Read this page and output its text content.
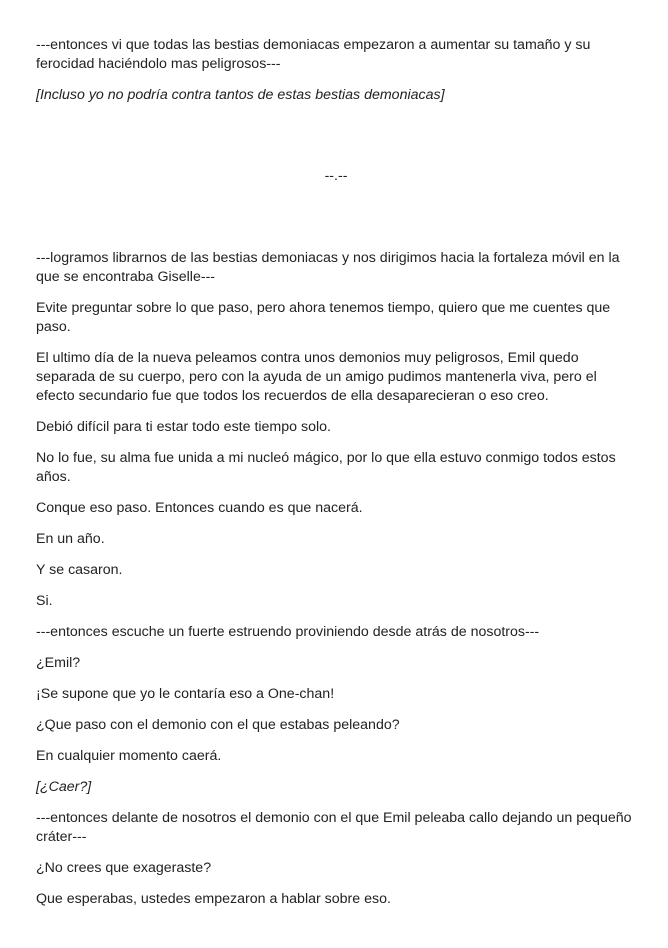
---entonces vi que todas las bestias demoniacas empezaron a aumentar su tamaño y su ferocidad haciéndolo mas peligrosos---

[Incluso yo no podría contra tantos de estas bestias demoniacas]

--.--

---logramos librarnos de las bestias demoniacas y nos dirigimos hacia la fortaleza móvil en la que se encontraba Giselle---

Evite preguntar sobre lo que paso, pero ahora tenemos tiempo, quiero que me cuentes que paso.

El ultimo día de la nueva peleamos contra unos demonios muy peligrosos, Emil quedo separada de su cuerpo, pero con la ayuda de un amigo pudimos mantenerla viva, pero el efecto secundario fue que todos los recuerdos de ella desaparecieran o eso creo.

Debió difícil para ti estar todo este tiempo solo.

No lo fue, su alma fue unida a mi nucleó mágico, por lo que ella estuvo conmigo todos estos años.

Conque eso paso. Entonces cuando es que nacerá.

En un año.

Y se casaron.

Si.

---entonces escuche un fuerte estruendo proviniendo desde atrás de nosotros---

¿Emil?

¡Se supone que yo le contaría eso a One-chan!

¿Que paso con el demonio con el que estabas peleando?

En cualquier momento caerá.

[¿Caer?]

---entonces delante de nosotros el demonio con el que Emil peleaba callo dejando un pequeño cráter---

¿No crees que exageraste?

Que esperabas, ustedes empezaron a hablar sobre eso.
